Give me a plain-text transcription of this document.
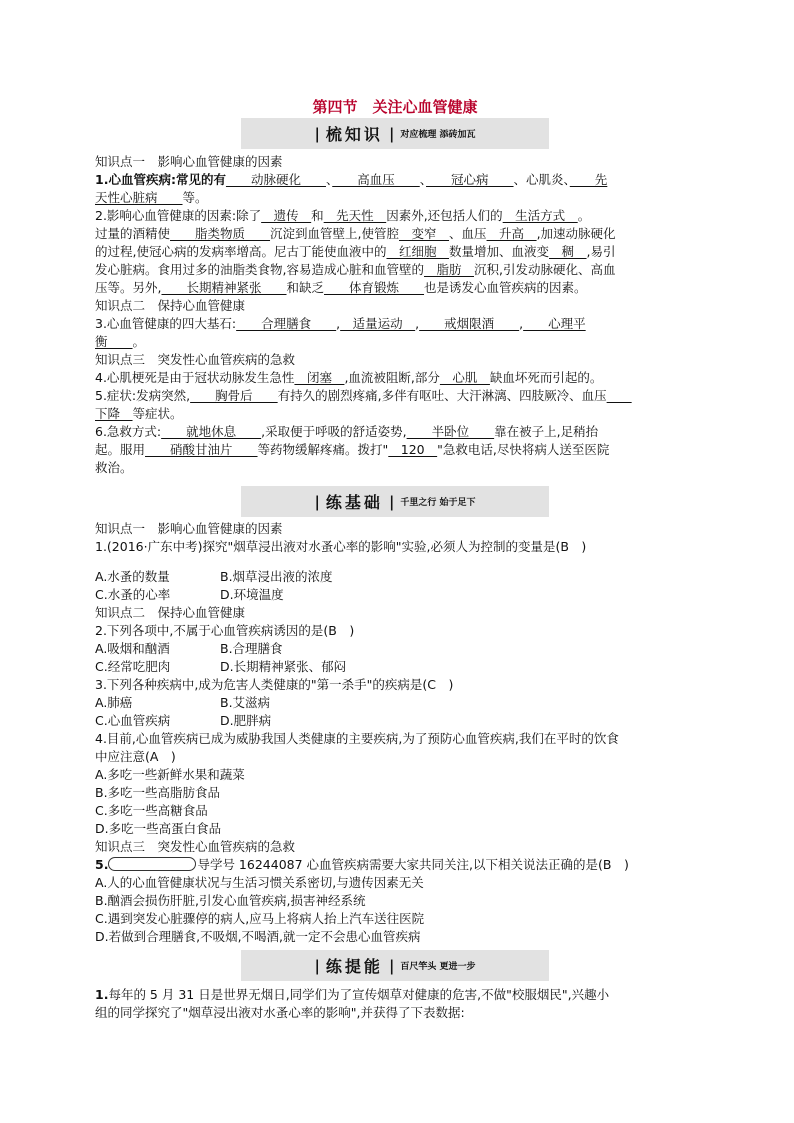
第四节　关注心血管健康
| 梳知识 | 对应梳理 添砖加瓦
知识点一　影响心血管健康的因素
1.心血管疾病:常见的有　　动脉硬化　　、　　高血压　　、　　冠心病　　、心肌炎、　　先
天性心脏病　　等。
2.影响心血管健康的因素:除了　遗传　和　先天性　因素外,还包括人们的　生活方式　。
过量的酒精使　　脂类物质　　沉淀到血管壁上,使管腔　变窄　、血压　升高　,加速动脉硬化
的过程,使冠心病的发病率增高。尼古丁能使血液中的　红细胞　数量增加、血液变　稠　,易引
发心脏病。食用过多的油脂类食物,容易造成心脏和血管壁的　脂肪　沉积,引发动脉硬化、高血
压等。另外,　　长期精神紧张　　和缺乏　　体育锻炼　　也是诱发心血管疾病的因素。
知识点二　保持心血管健康
3.心血管健康的四大基石:　　合理膳食　　,　适量运动　,　　戒烟限酒　　,　　心理平
衡　　。
知识点三　突发性心血管疾病的急救
4.心肌梗死是由于冠状动脉发生急性　闭塞　,血流被阻断,部分　心肌　缺血坏死而引起的。
5.症状:发病突然,　　胸骨后　　有持久的剧烈疼痛,多伴有呕吐、大汗淋漓、四肢厥冷、血压　　
下降　等症状。
6.急救方式:　　就地休息　　,采取便于呼吸的舒适姿势,　　半卧位　　靠在被子上,足稍抬
起。服用　　硝酸甘油片　　等药物缓解疼痛。拨打"　120　"急救电话,尽快将病人送至医院
救治。
| 练基础 | 千里之行 始于足下
知识点一　影响心血管健康的因素
1.(2016·广东中考)探究"烟草浸出液对水蚤心率的影响"实验,必须人为控制的变量是(B　)
A.水蚤的数量	B.烟草浸出液的浓度
C.水蚤的心率	D.环境温度
知识点二　保持心血管健康
2.下列各项中,不属于心血管疾病诱因的是(B　)
A.吸烟和酗酒	B.合理膳食
C.经常吃肥肉	D.长期精神紧张、郁闷
3.下列各种疾病中,成为危害人类健康的"第一杀手"的疾病是(C　)
A.肺癌	B.艾滋病
C.心血管疾病	D.肥胖病
4.目前,心血管疾病已成为威胁我国人类健康的主要疾病,为了预防心血管疾病,我们在平时的饮食
中应注意(A　)
A.多吃一些新鲜水果和蔬菜
B.多吃一些高脂肪食品
C.多吃一些高糖食品
D.多吃一些高蛋白食品
知识点三　突发性心血管疾病的急救
5.	导学号 16244087 心血管疾病需要大家共同关注,以下相关说法正确的是(B　)
A.人的心血管健康状况与生活习惯关系密切,与遗传因素无关
B.酗酒会损伤肝脏,引发心血管疾病,损害神经系统
C.遇到突发心脏骤停的病人,应马上将病人抬上汽车送往医院
D.若做到合理膳食,不吸烟,不喝酒,就一定不会患心血管疾病
| 练提能 | 百尺竿头 更进一步
1.每年的 5 月 31 日是世界无烟日,同学们为了宣传烟草对健康的危害,不做"校服烟民",兴趣小
组的同学探究了"烟草浸出液对水蚤心率的影响",并获得了下表数据:
